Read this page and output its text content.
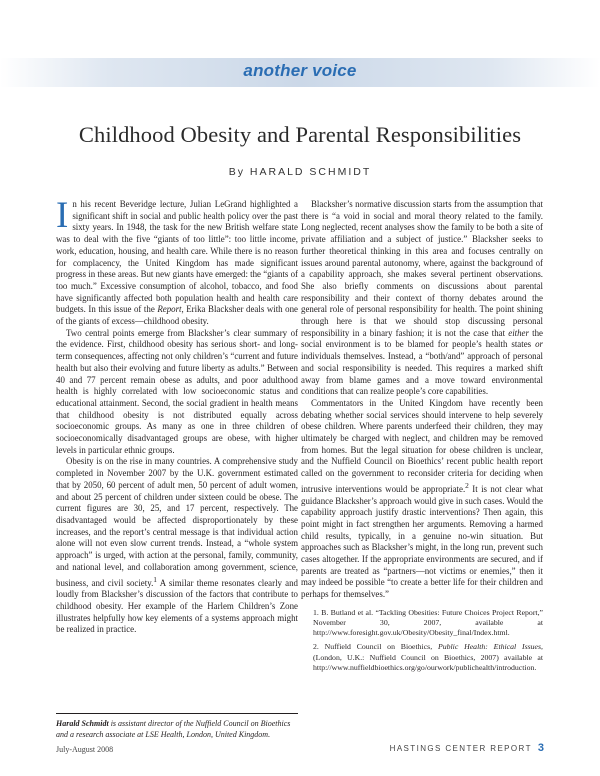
another voice
Childhood Obesity and Parental Responsibilities
By HARALD SCHMIDT

In his recent Beveridge lecture, Julian LeGrand highlighted a significant shift in social and public health policy over the past sixty years. In 1948, the task for the new British welfare state was to deal with the five “giants of too little”: too little income, work, education, housing, and health care. While there is no reason for complacency, the United Kingdom has made significant progress in these areas. But new giants have emerged: the “giants of too much.” Excessive consumption of alcohol, tobacco, and food have significantly affected both population health and health care budgets. In this issue of the Report, Erika Blacksher deals with one of the giants of excess—childhood obesity.

Two central points emerge from Blacksher’s clear summary of the evidence. First, childhood obesity has serious short- and long-term consequences, affecting not only children’s “current and future health but also their evolving and future liberty as adults.” Between 40 and 77 percent remain obese as adults, and poor adulthood health is highly correlated with low socioeconomic status and educational attainment. Second, the social gradient in health means that childhood obesity is not distributed equally across socioeconomic groups. As many as one in three children of socioeconomically disadvantaged groups are obese, with higher levels in particular ethnic groups.

Obesity is on the rise in many countries. A comprehensive study completed in November 2007 by the U.K. government estimated that by 2050, 60 percent of adult men, 50 percent of adult women, and about 25 percent of children under sixteen could be obese. The current figures are 30, 25, and 17 percent, respectively. The disadvantaged would be affected disproportionately by these increases, and the report’s central message is that individual action alone will not even slow current trends. Instead, a “whole system approach” is urged, with action at the personal, family, community, and national level, and collaboration among government, science, business, and civil society.$^1$ A similar theme resonates clearly and loudly from Blacksher’s discussion of the factors that contribute to childhood obesity. Her example of the Harlem Children’s Zone illustrates helpfully how key elements of a systems approach might be realized in practice.

Blacksher’s normative discussion starts from the assumption that there is “a void in social and moral theory related to the family. Long neglected, recent analyses show the family to be both a site of private affiliation and a subject of justice.” Blacksher seeks to further theoretical thinking in this area and focuses centrally on issues around parental autonomy, where, against the background of a capability approach, she makes several pertinent observations. She also briefly comments on discussions about parental responsibility and their context of thorny debates around the general role of personal responsibility for health. The point shining through here is that we should stop discussing personal responsibility in a binary fashion; it is not the case that either the social environment is to be blamed for people’s health states or individuals themselves. Instead, a “both/and” approach of personal and social responsibility is needed. This requires a marked shift away from blame games and a move toward environmental conditions that can realize people’s core capabilities.

Commentators in the United Kingdom have recently been debating whether social services should intervene to help severely obese children. Where parents underfeed their children, they may ultimately be charged with neglect, and children may be removed from homes. But the legal situation for obese children is unclear, and the Nuffield Council on Bioethics’ recent public health report called on the government to reconsider criteria for deciding when intrusive interventions would be appropriate.$^2$ It is not clear what guidance Blacksher’s approach would give in such cases. Would the capability approach justify drastic interventions? Then again, this point might in fact strengthen her arguments. Removing a harmed child results, typically, in a genuine no-win situation. But approaches such as Blacksher’s might, in the long run, prevent such cases altogether. If the appropriate environments are secured, and if parents are treated as “partners—not victims or enemies,” then it may indeed be possible “to create a better life for their children and perhaps for themselves.”

1. B. Butland et al. “Tackling Obesities: Future Choices Project Report,” November 30, 2007, available at http://www.foresight.gov.uk/Obesity/Obesity_final/Index.html.

2. Nuffield Council on Bioethics, Public Health: Ethical Issues, (London, U.K.: Nuffield Council on Bioethics, 2007) available at http://www.nuffieldbioethics.org/go/ourwork/publichealth/introduction.

Harald Schmidt is assistant director of the Nuffield Council on Bioethics and a research associate at LSE Health, London, United Kingdom.
July-August 2008	HASTINGS CENTER REPORT 3
